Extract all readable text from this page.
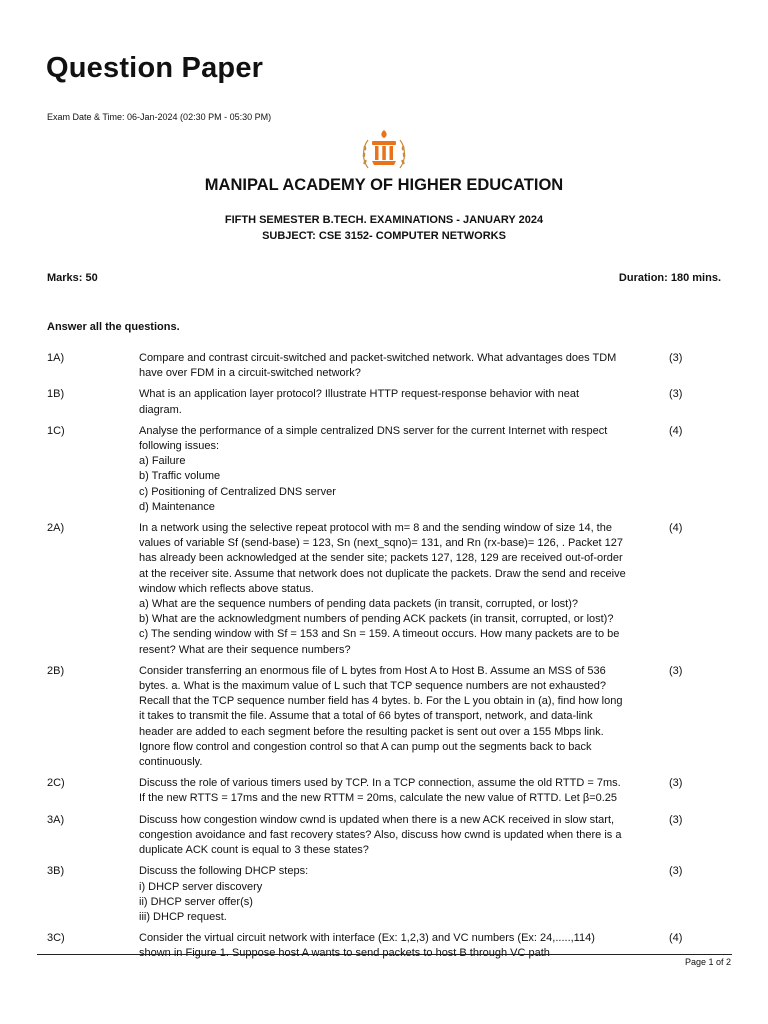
Question Paper
Exam Date & Time: 06-Jan-2024 (02:30 PM - 05:30 PM)
MANIPAL ACADEMY OF HIGHER EDUCATION
FIFTH SEMESTER B.TECH. EXAMINATIONS - JANUARY 2024
SUBJECT: CSE 3152- COMPUTER NETWORKS
Marks: 50	Duration: 180 mins.
Answer all the questions.
1A)	Compare and contrast circuit-switched and packet-switched network. What advantages does TDM
have over FDM in a circuit-switched network?
(3)
1B)	What is an application layer protocol? Illustrate HTTP request-response behavior with neat
diagram.
(3)
1C)	Analyse the performance of a simple centralized DNS server for the current Internet with respect
following issues:
a) Failure
b) Traffic volume
c) Positioning of Centralized DNS server
d) Maintenance
(4)
2A)	In a network using the selective repeat protocol with m= 8 and the sending window of size 14, the
values of variable Sf (send-base) = 123, Sn (next_sqno)= 131, and Rn (rx-base)= 126, . Packet 127
has already been acknowledged at the sender site; packets 127, 128, 129 are received out-of-order
at the receiver site. Assume that network does not duplicate the packets. Draw the send and receive
window which reflects above status.
a) What are the sequence numbers of pending data packets (in transit, corrupted, or lost)?
b) What are the acknowledgment numbers of pending ACK packets (in transit, corrupted, or lost)?
c) The sending window with Sf = 153 and Sn = 159. A timeout occurs. How many packets are to be
resent? What are their sequence numbers?
(4)
2B)	Consider transferring an enormous file of L bytes from Host A to Host B. Assume an MSS of 536
bytes. a. What is the maximum value of L such that TCP sequence numbers are not exhausted?
Recall that the TCP sequence number field has 4 bytes. b. For the L you obtain in (a), find how long
it takes to transmit the file. Assume that a total of 66 bytes of transport, network, and data-link
header are added to each segment before the resulting packet is sent out over a 155 Mbps link.
Ignore flow control and congestion control so that A can pump out the segments back to back
continuously.
(3)
2C)	Discuss the role of various timers used by TCP. In a TCP connection, assume the old RTTD = 7ms.
If the new RTTS = 17ms and the new RTTM = 20ms, calculate the new value of RTTD. Let β=0.25
(3)
3A)	Discuss how congestion window cwnd is updated when there is a new ACK received in slow start,
congestion avoidance and fast recovery states? Also, discuss how cwnd is updated when there is a
duplicate ACK count is equal to 3 these states?
(3)
3B)	Discuss the following DHCP steps:
i) DHCP server discovery
ii) DHCP server offer(s)
iii) DHCP request.
(3)
3C)	Consider the virtual circuit network with interface (Ex: 1,2,3) and VC numbers (Ex: 24,.....,114)	(4)
Page 1 of 2
